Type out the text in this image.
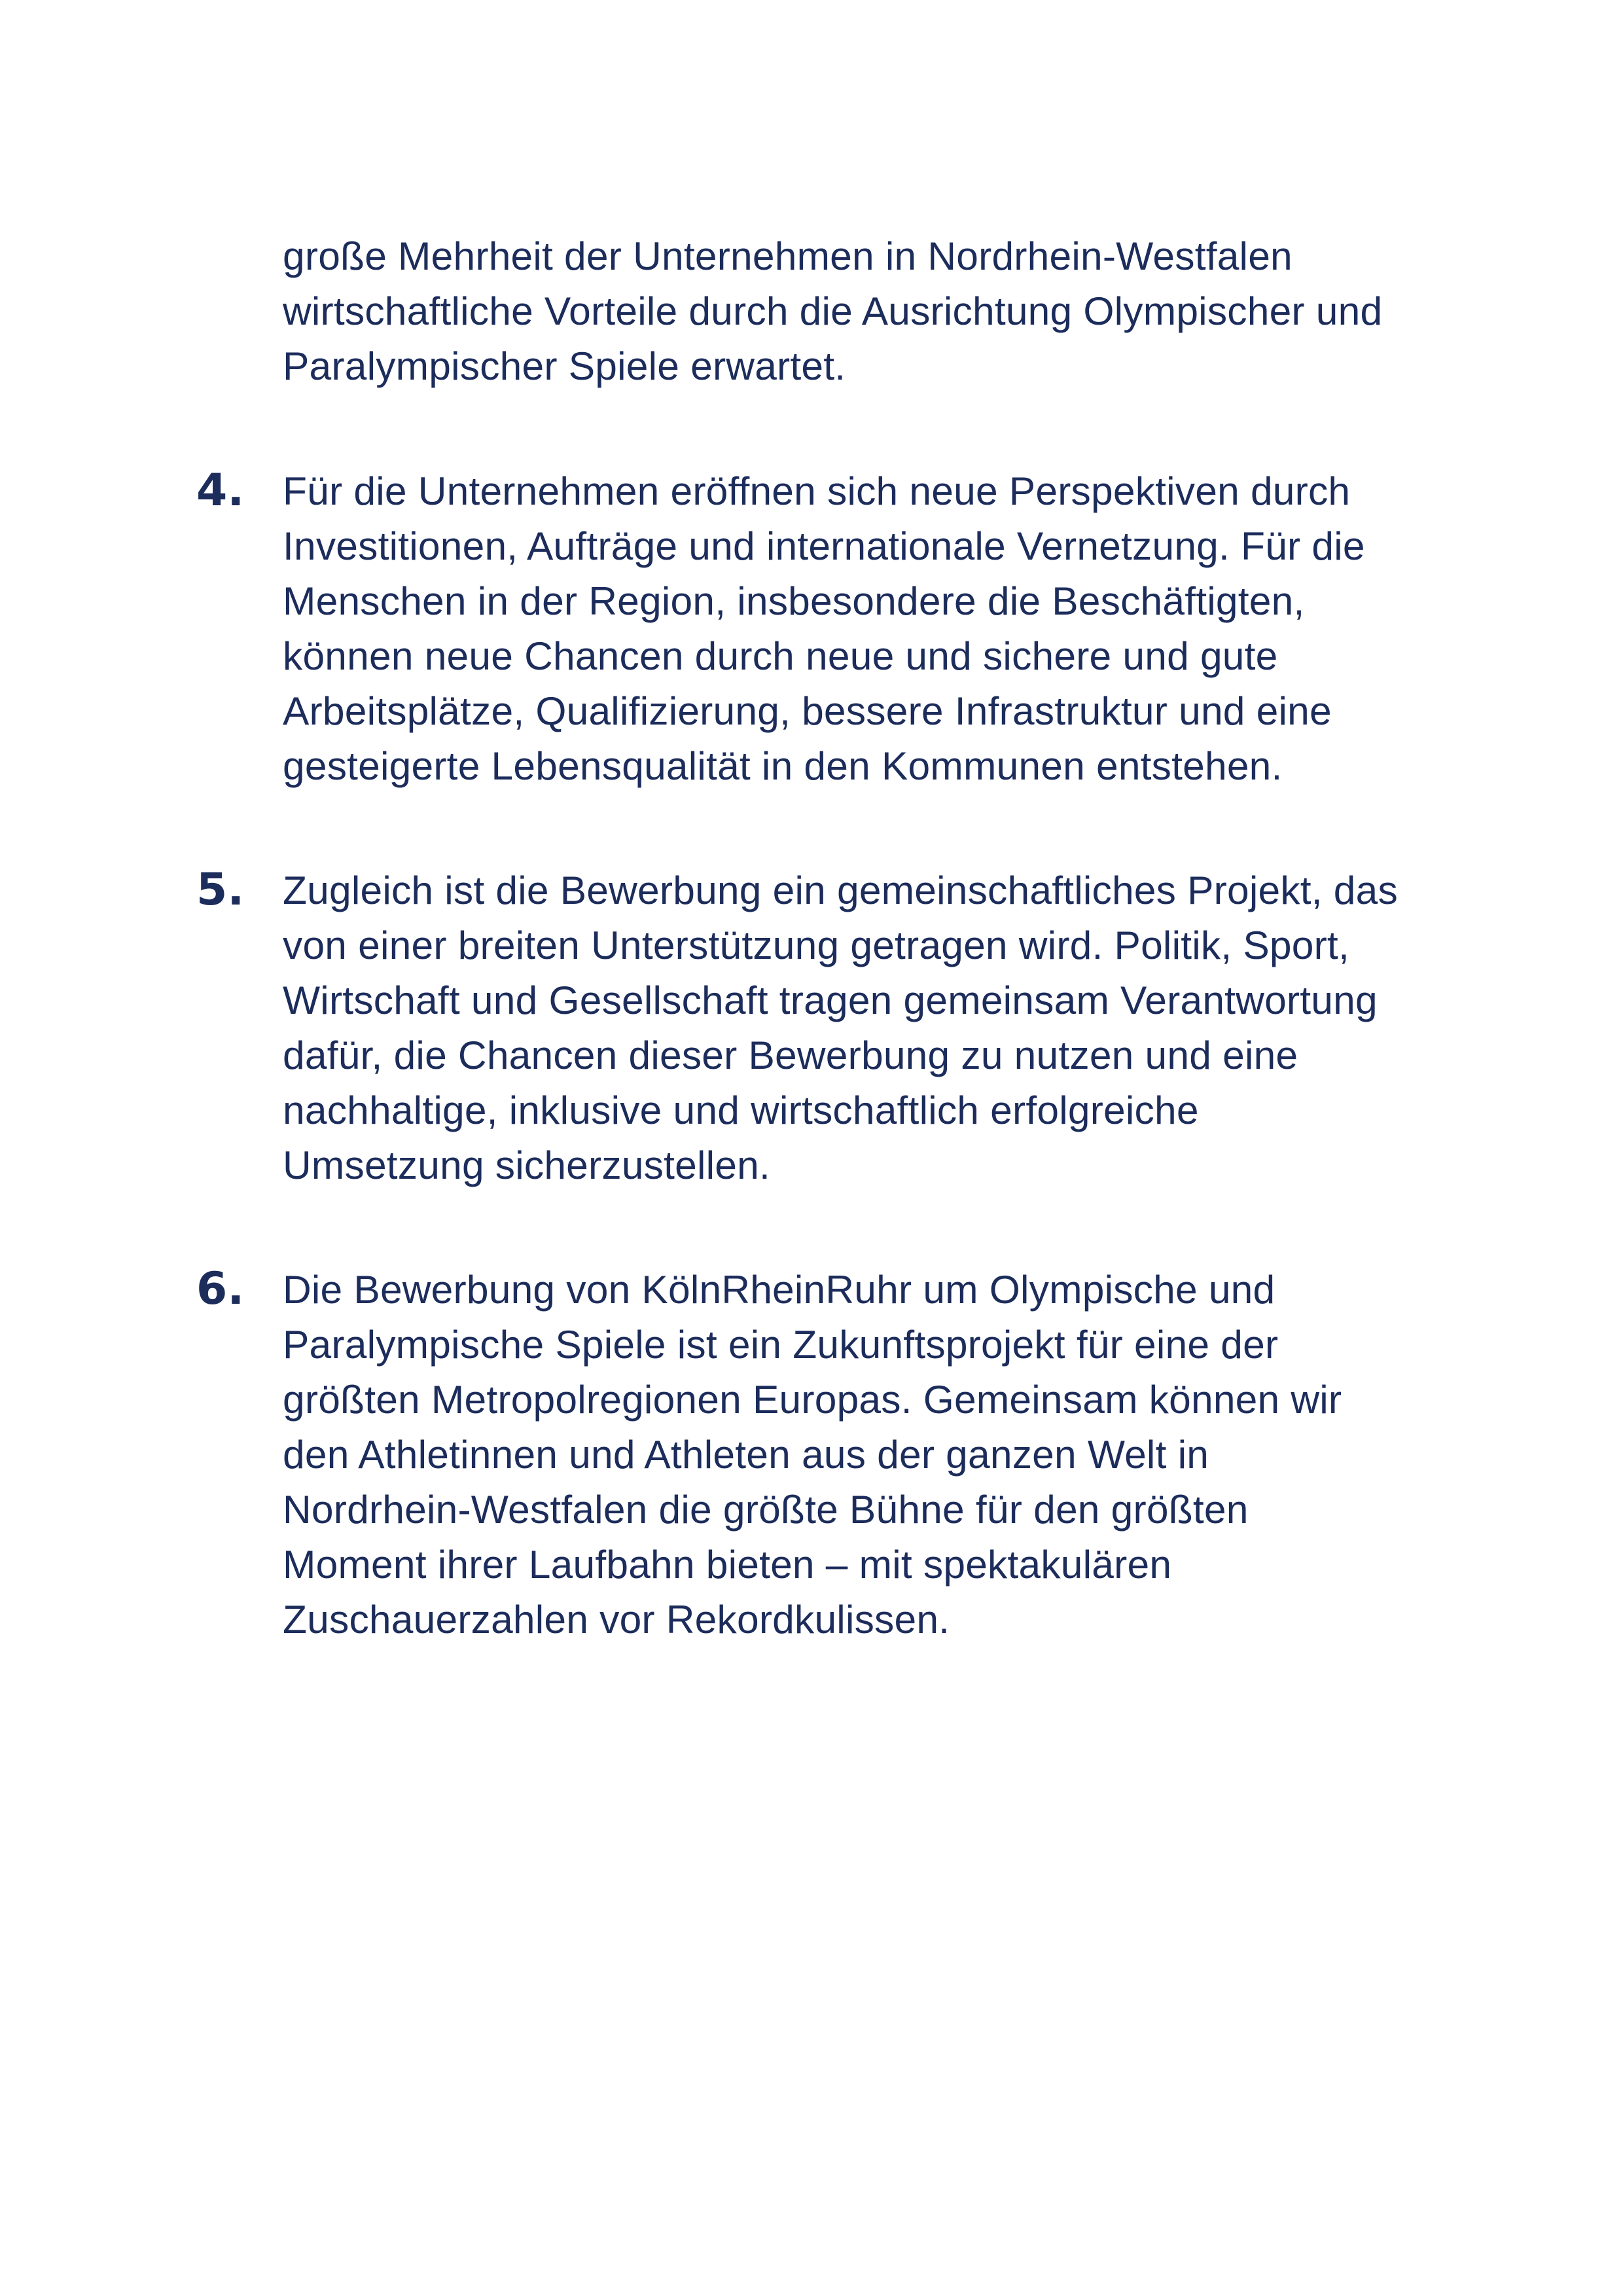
große Mehrheit der Unternehmen in Nordrhein-Westfalen
wirtschaftliche Vorteile durch die Ausrichtung Olympischer und
Paralympischer Spiele erwartet.
4. Für die Unternehmen eröffnen sich neue Perspektiven durch
Investitionen, Aufträge und internationale Vernetzung. Für die
Menschen in der Region, insbesondere die Beschäftigten,
können neue Chancen durch neue und sichere und gute
Arbeitsplätze, Qualifizierung, bessere Infrastruktur und eine
gesteigerte Lebensqualität in den Kommunen entstehen.
5. Zugleich ist die Bewerbung ein gemeinschaftliches Projekt, das
von einer breiten Unterstützung getragen wird. Politik, Sport,
Wirtschaft und Gesellschaft tragen gemeinsam Verantwortung
dafür, die Chancen dieser Bewerbung zu nutzen und eine
nachhaltige, inklusive und wirtschaftlich erfolgreiche
Umsetzung sicherzustellen.
6. Die Bewerbung von KölnRheinRuhr um Olympische und
Paralympische Spiele ist ein Zukunftsprojekt für eine der
größten Metropolregionen Europas. Gemeinsam können wir
den Athletinnen und Athleten aus der ganzen Welt in
Nordrhein-Westfalen die größte Bühne für den größten
Moment ihrer Laufbahn bieten – mit spektakulären
Zuschauerzahlen vor Rekordkulissen.
